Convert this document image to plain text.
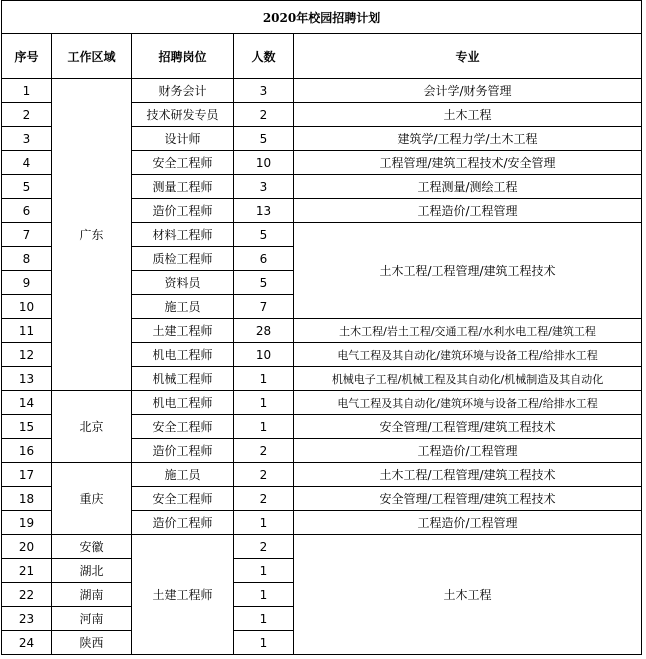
2020年校园招聘计划				
序号	工作区域	招聘岗位	人数	专业
1	广东	财务会计	3	会计学/财务管理
2		技术研发专员	2	土木工程
3		设计师	5	建筑学/工程力学/土木工程
4		安全工程师	10	工程管理/建筑工程技术/安全管理
5		测量工程师	3	工程测量/测绘工程
6		造价工程师	13	工程造价/工程管理
7		材料工程师	5	土木工程/工程管理/建筑工程技术
8		质检工程师	6	
9		资料员	5	
10		施工员	7	
11		土建工程师	28	土木工程/岩土工程/交通工程/水利水电工程/建筑工程
12		机电工程师	10	电气工程及其自动化/建筑环境与设备工程/给排水工程
13		机械工程师	1	机械电子工程/机械工程及其自动化/机械制造及其自动化
14	北京	机电工程师	1	电气工程及其自动化/建筑环境与设备工程/给排水工程
15		安全工程师	1	安全管理/工程管理/建筑工程技术
16		造价工程师	2	工程造价/工程管理
17	重庆	施工员	2	土木工程/工程管理/建筑工程技术
18		安全工程师	2	安全管理/工程管理/建筑工程技术
19		造价工程师	1	工程造价/工程管理
20	安徽	土建工程师	2	土木工程
21	湖北		1	
22	湖南		1	
23	河南		1	
24	陕西		1	
